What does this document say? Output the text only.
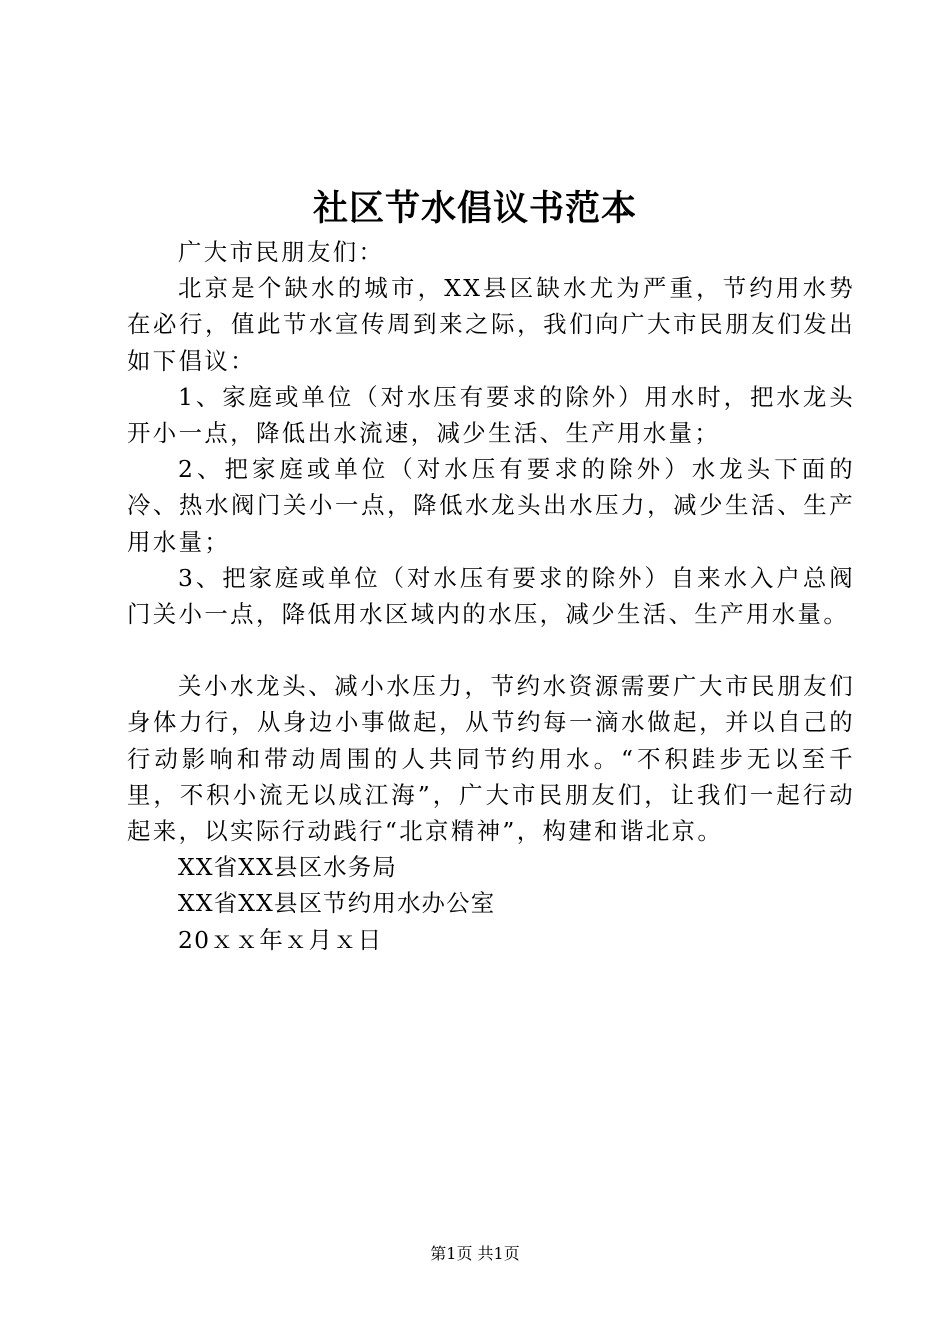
社区节水倡议书范本

广大市民朋友们：

北京是个缺水的城市，XX县区缺水尤为严重，节约用水势在必行，值此节水宣传周到来之际，我们向广大市民朋友们发出如下倡议：

1、家庭或单位（对水压有要求的除外）用水时，把水龙头开小一点，降低出水流速，减少生活、生产用水量；

2、把家庭或单位（对水压有要求的除外）水龙头下面的冷、热水阀门关小一点，降低水龙头出水压力，减少生活、生产用水量；

3、把家庭或单位（对水压有要求的除外）自来水入户总阀门关小一点，降低用水区域内的水压，减少生活、生产用水量。

关小水龙头、减小水压力，节约水资源需要广大市民朋友们身体力行，从身边小事做起，从节约每一滴水做起，并以自己的行动影响和带动周围的人共同节约用水。“不积跬步无以至千里，不积小流无以成江海”，广大市民朋友们，让我们一起行动起来，以实际行动践行“北京精神”，构建和谐北京。

XX省XX县区水务局

XX省XX县区节约用水办公室

20ｘｘ年ｘ月ｘ日

第1页 共1页
